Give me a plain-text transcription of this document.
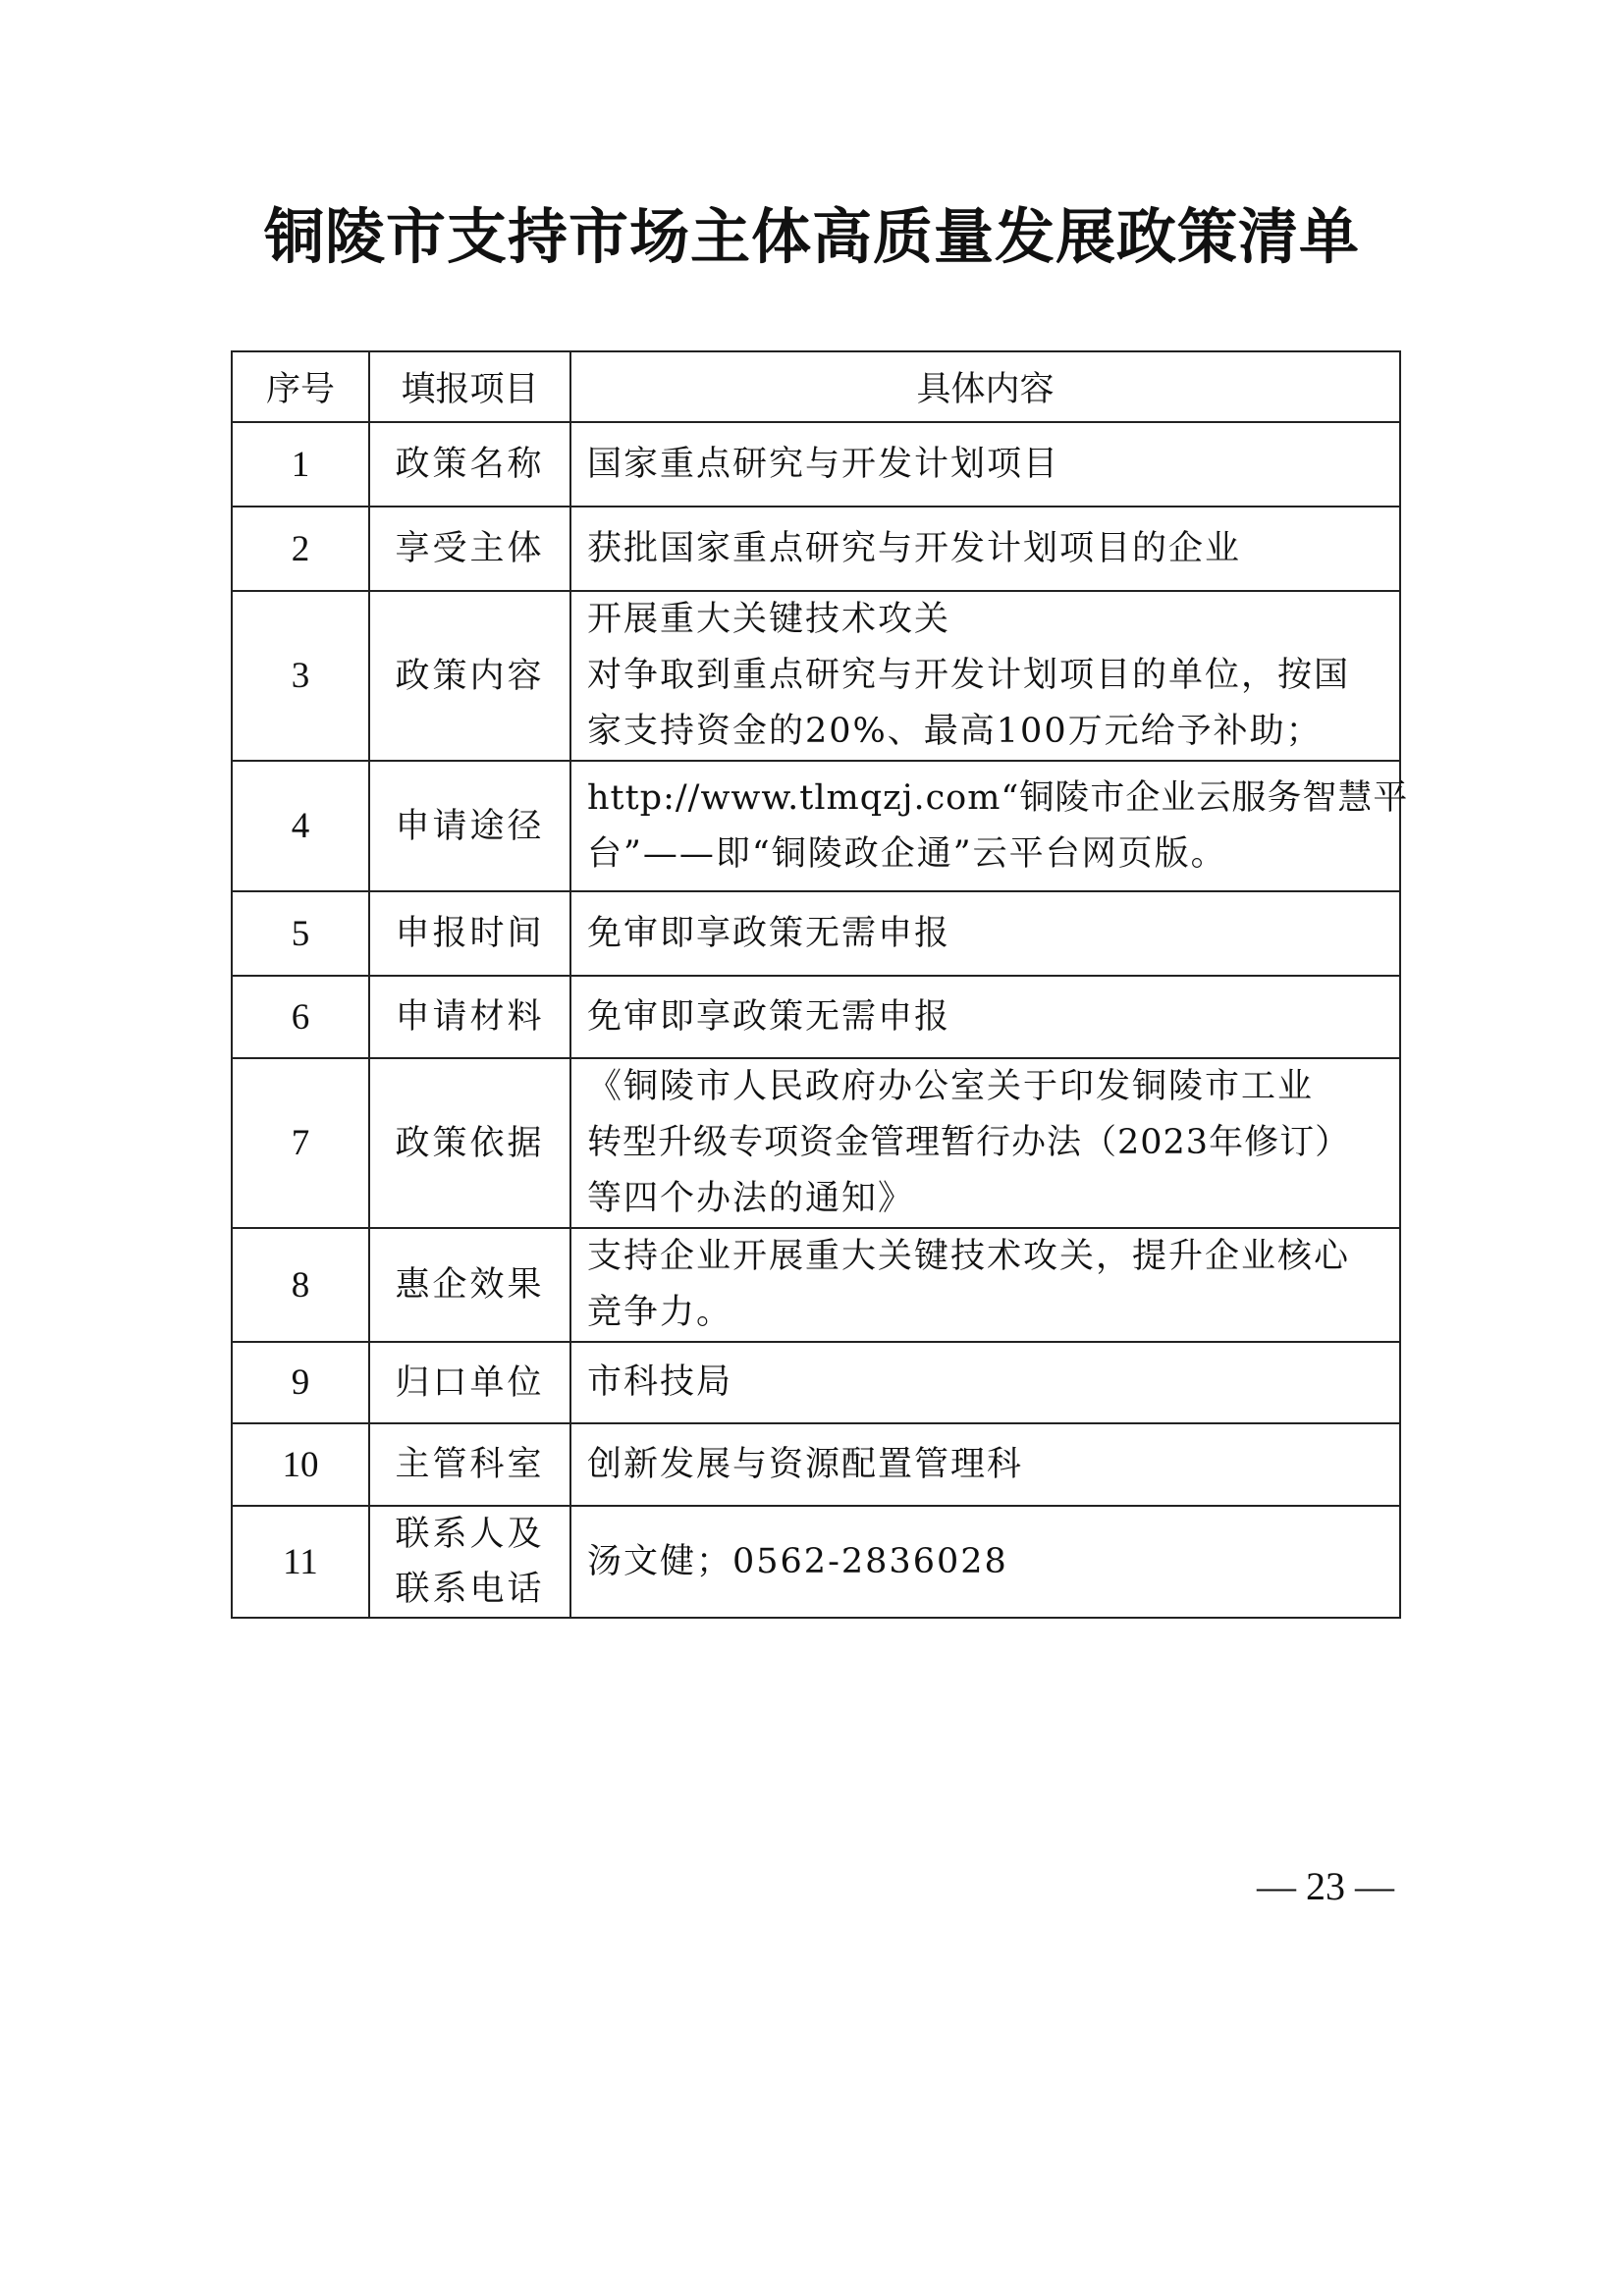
铜陵市支持市场主体高质量发展政策清单
序号	填报项目	具体内容
1	政策名称	国家重点研究与开发计划项目

2	享受主体	获批国家重点研究与开发计划项目的企业

3	政策内容	开展重大关键技术攻关
对争取到重点研究与开发计划项目的单位，按国
家支持资金的20%、最高100万元给予补助；

4	申请途径	http://www.tlmqzj.com“铜陵市企业云服务智慧平
台”——即“铜陵政企通”云平台网页版。

5	申报时间	免审即享政策无需申报

6	申请材料	免审即享政策无需申报

7	政策依据	《铜陵市人民政府办公室关于印发铜陵市工业
转型升级专项资金管理暂行办法（2023年修订）
等四个办法的通知》

8	惠企效果	支持企业开展重大关键技术攻关，提升企业核心
竞争力。

9	归口单位	市科技局

10	主管科室	创新发展与资源配置管理科

11	联系人及
联系电话	汤文健；0562-2836028
— 23 —
